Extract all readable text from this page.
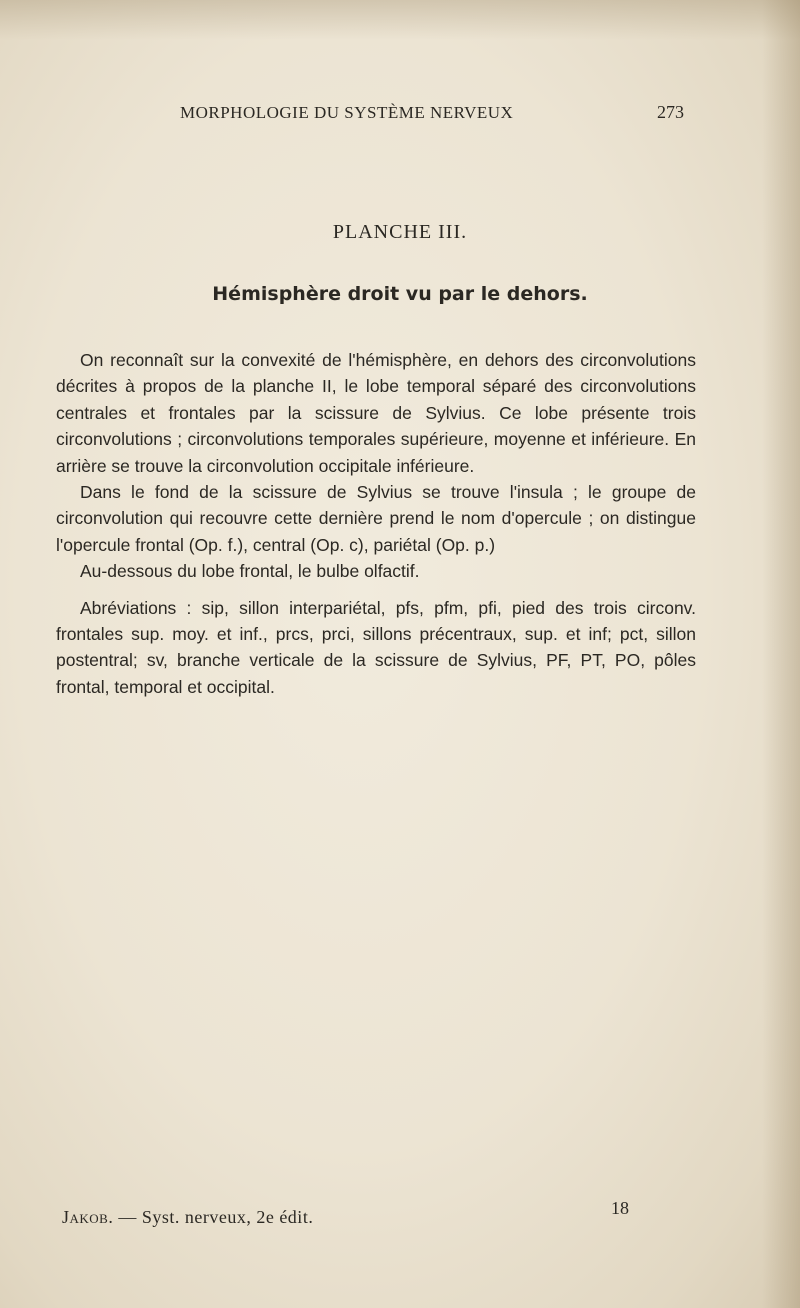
MORPHOLOGIE DU SYSTÈME NERVEUX	273
PLANCHE III.
Hémisphère droit vu par le dehors.

On reconnaît sur la convexité de l'hémisphère, en dehors des circonvolutions décrites à propos de la planche II, le lobe temporal séparé des circonvolutions centrales et frontales par la scissure de Sylvius. Ce lobe présente trois circonvolutions ; circonvolutions temporales supérieure, moyenne et inférieure. En arrière se trouve la circonvolution occipitale inférieure.

Dans le fond de la scissure de Sylvius se trouve l'insula ; le groupe de circonvolution qui recouvre cette dernière prend le nom d'opercule ; on distingue l'opercule frontal (Op. f.), central (Op. c), pariétal (Op. p.)

Au-dessous du lobe frontal, le bulbe olfactif.

Abréviations : sip, sillon interpariétal, pfs, pfm, pfi, pied des trois circonv. frontales sup. moy. et inf., prcs, prci, sillons précentraux, sup. et inf; pct, sillon postentral; sv, branche verticale de la scissure de Sylvius, PF, PT, PO, pôles frontal, temporal et occipital.

Jakob. — Syst. nerveux, 2e édit.	18
